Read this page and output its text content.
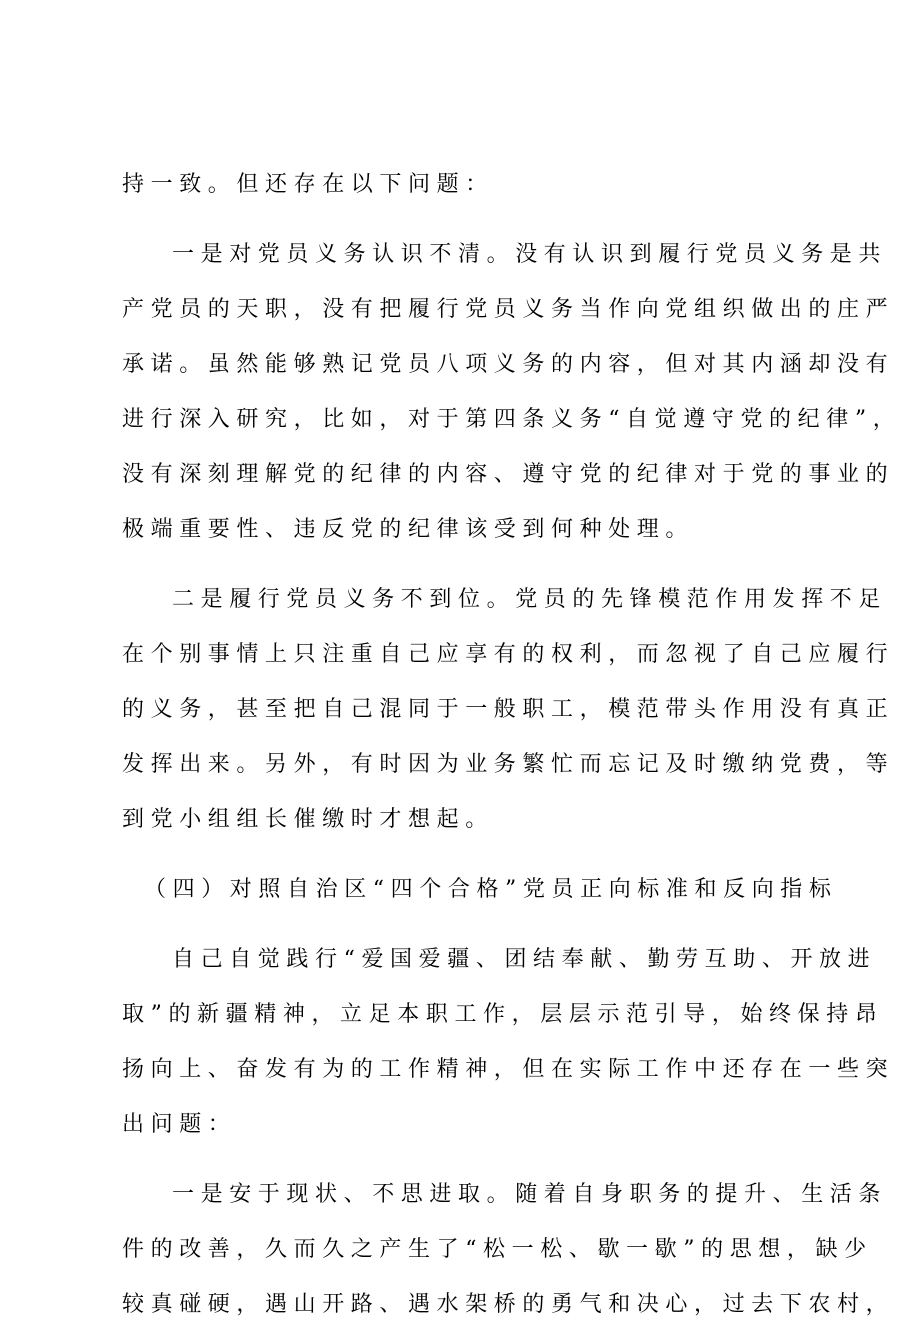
持一致。但还存在以下问题：
一是对党员义务认识不清。没有认识到履行党员义务是共
产党员的天职，没有把履行党员义务当作向党组织做出的庄严
承诺。虽然能够熟记党员八项义务的内容，但对其内涵却没有
进行深入研究，比如，对于第四条义务“自觉遵守党的纪律”，
没有深刻理解党的纪律的内容、遵守党的纪律对于党的事业的
极端重要性、违反党的纪律该受到何种处理。
二是履行党员义务不到位。党员的先锋模范作用发挥不足
在个别事情上只注重自己应享有的权利，而忽视了自己应履行
的义务，甚至把自己混同于一般职工，模范带头作用没有真正
发挥出来。另外，有时因为业务繁忙而忘记及时缴纳党费，等
到党小组组长催缴时才想起。
（四）对照自治区“四个合格”党员正向标准和反向指标
自己自觉践行“爱国爱疆、团结奉献、勤劳互助、开放进
取”的新疆精神，立足本职工作，层层示范引导，始终保持昂
扬向上、奋发有为的工作精神，但在实际工作中还存在一些突
出问题：
一是安于现状、不思进取。随着自身职务的提升、生活条
件的改善，久而久之产生了“松一松、歇一歇”的思想，缺少
较真碰硬，遇山开路、遇水架桥的勇气和决心，过去下农村，
